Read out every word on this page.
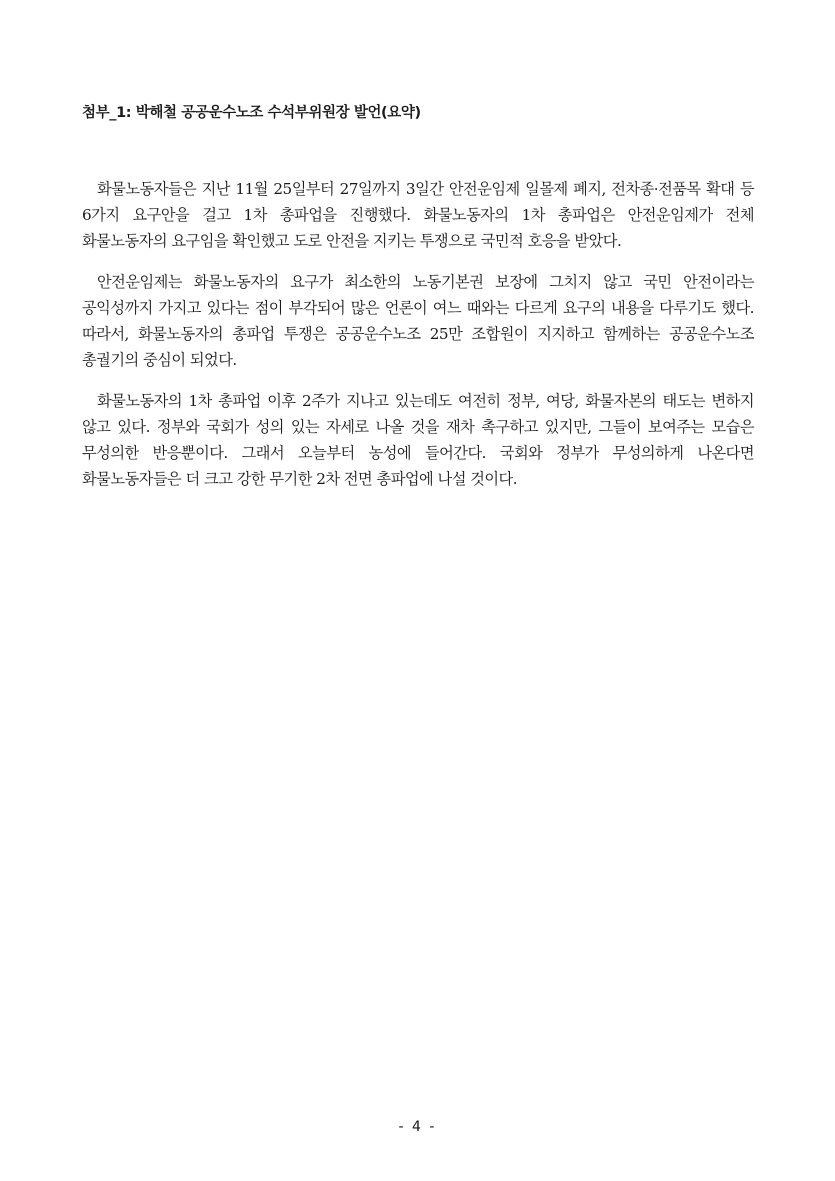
첨부_1: 박해철 공공운수노조 수석부위원장 발언(요약)

화물노동자들은 지난 11월 25일부터 27일까지 3일간 안전운임제 일몰제 폐지, 전차종·전품목 확대 등 6가지 요구안을 걸고 1차 총파업을 진행했다. 화물노동자의 1차 총파업은 안전운임제가 전체 화물노동자의 요구임을 확인했고 도로 안전을 지키는 투쟁으로 국민적 호응을 받았다.

안전운임제는 화물노동자의 요구가 최소한의 노동기본권 보장에 그치지 않고 국민 안전이라는 공익성까지 가지고 있다는 점이 부각되어 많은 언론이 여느 때와는 다르게 요구의 내용을 다루기도 했다. 따라서, 화물노동자의 총파업 투쟁은 공공운수노조 25만 조합원이 지지하고 함께하는 공공운수노조 총궐기의 중심이 되었다.

화물노동자의 1차 총파업 이후 2주가 지나고 있는데도 여전히 정부, 여당, 화물자본의 태도는 변하지 않고 있다. 정부와 국회가 성의 있는 자세로 나올 것을 재차 촉구하고 있지만, 그들이 보여주는 모습은 무성의한 반응뿐이다. 그래서 오늘부터 농성에 들어간다. 국회와 정부가 무성의하게 나온다면 화물노동자들은 더 크고 강한 무기한 2차 전면 총파업에 나설 것이다.

- 4 -
